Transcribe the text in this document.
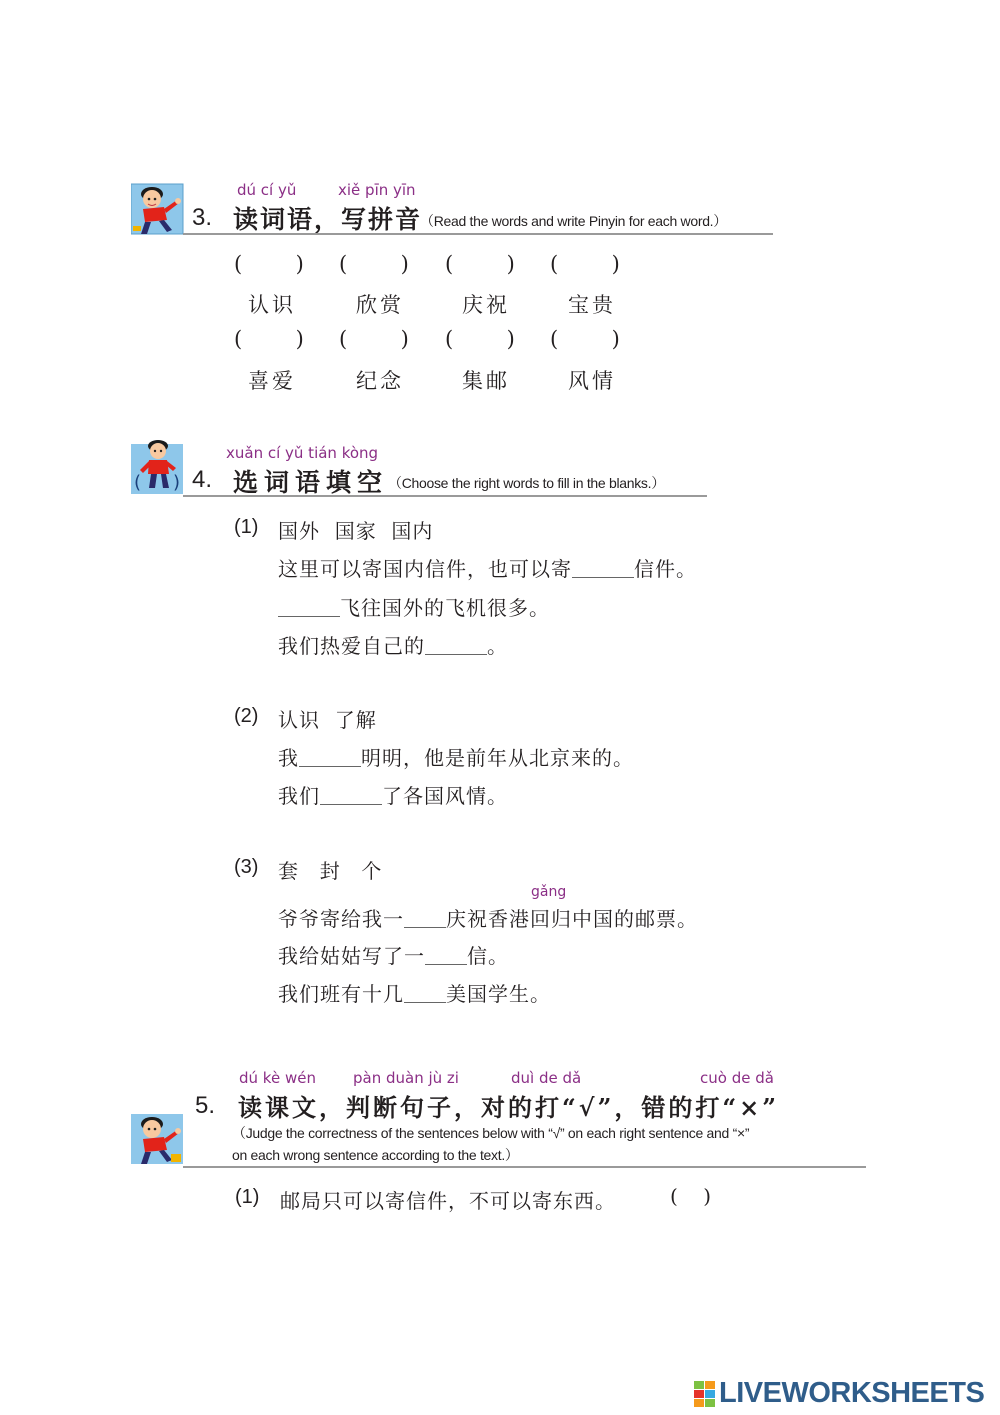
dú cí yǔ	xiě pīn yīn
3. 读词语，写拼音
（Read the words and write Pinyin for each word.）
(        ) (        ) (        ) (        )
认识	欣赏	庆祝	宝贵
(        ) (        ) (        ) (        )
喜爱	纪念	集邮	风情
( )
xuǎn cí yǔ tián kòng
4. 选词语填空 （Choose the right words to fill in the blanks.）
(1) 国外  国家  国内
这里可以寄国内信件，也可以寄	信件。
飞往国外的飞机很多。
我们热爱自己的	。
(2) 认识  了解
我	明明，他是前年从北京来的。
我们	了各国风情。
(3) 套  封  个
gǎng
爷爷寄给我一 庆祝香港回归中国的邮票。
我给姑姑写了一 信。
我们班有十几 美国学生。
dú kè wén pàn duàn jù zi	duì de dǎ	cuò de dǎ
5. 读课文，判断句子，对的打“√”，错的打“×”
（Judge the correctness of the sentences below with “√” on each right sentence and “×”
on each wrong sentence according to the text.）
(1) 邮局只可以寄信件，不可以寄东西。	(    )
LIVEWORKSHEETS
